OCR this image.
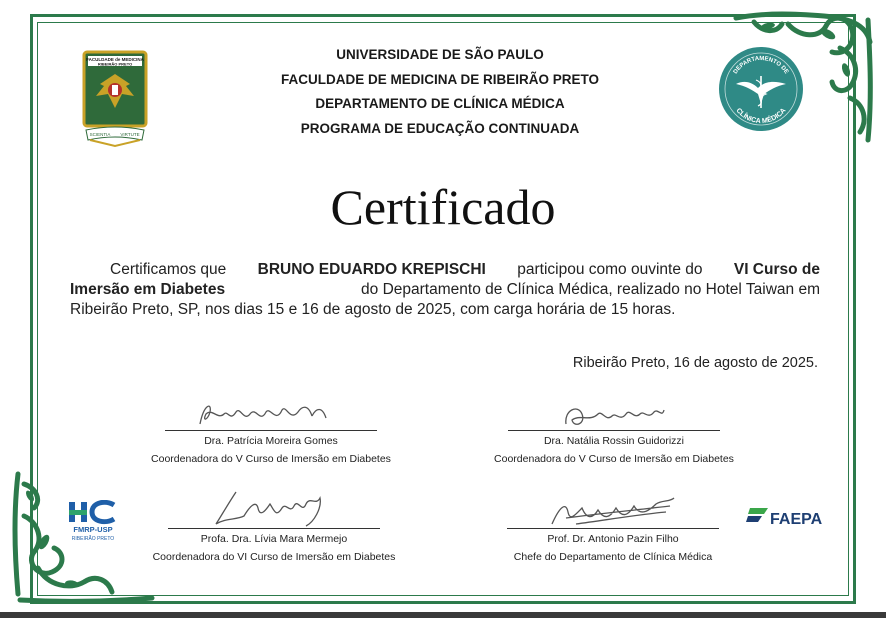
FACULDADE de MEDICINA
RIBEIRÃO PRETO
SCIENTIA VIRTUTE
UNIVERSIDADE DE SÃO PAULO
FACULDADE DE MEDICINA DE RIBEIRÃO PRETO
DEPARTAMENTO DE CLÍNICA MÉDICA
PROGRAMA DE EDUCAÇÃO CONTINUADA
DEPARTAMENTO DE
CLÍNICA MÉDICA
Certificado
Certificamos que BRUNO EDUARDO KREPISCHI participou como ouvinte do VI Curso de
Imersão em Diabetes	do Departamento de Clínica Médica, realizado no Hotel Taiwan em
Ribeirão Preto, SP, nos dias 15 e 16 de agosto de 2025, com carga horária de 15 horas.
Ribeirão Preto, 16 de agosto de 2025.
Dra. Patrícia Moreira Gomes
Coordenadora do V Curso de Imersão em Diabetes
Dra. Natália Rossin Guidorizzi
Coordenadora do V Curso de Imersão em Diabetes
Profa. Dra. Lívia Mara Mermejo
Coordenadora do VI Curso de Imersão em Diabetes
Prof. Dr. Antonio Pazin Filho
Chefe do Departamento de Clínica Médica
FMRP-USP
RIBEIRÃO PRETO
FAEPA
